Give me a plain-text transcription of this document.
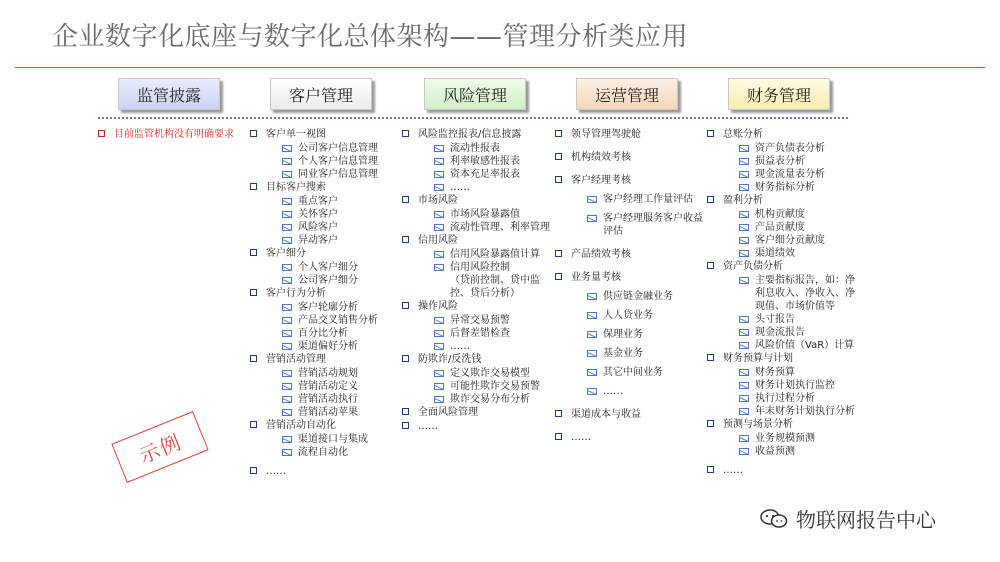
企业数字化底座与数字化总体架构——管理分析类应用
监管披露	客户管理	风险管理	运营管理	财务管理
目前监管机构没有明确要求	客户单一视图
公司客户信息管理
个人客户信息管理
同业客户信息管理
目标客户搜索
重点客户
关怀客户
风险客户
异动客户
客户细分
个人客户细分
公司客户细分
客户行为分析
客户轮廓分析
产品交叉销售分析
百分比分析
渠道偏好分析
营销活动管理
营销活动规划
营销活动定义
营销活动执行
营销活动苹果
营销活动自动化
渠道接口与集成
流程自动化
……
风险监控报表/信息披露
流动性报表
利率敏感性报表
资本充足率报表
……
市场风险
市场风险暴露值
流动性管理、利率管理
信用风险
信用风险暴露值计算
信用风险控制
（贷前控制、贷中监控、贷后分析）
操作风险
异常交易预警
后督差错检查
……
防欺诈/反洗钱
定义欺诈交易模型
可能性欺诈交易预警
欺诈交易分布分析
全面风险管理
……
领导管理驾驶舱
机构绩效考核
客户经理考核
客户经理工作量评估
客户经理服务客户收益评估
产品绩效考核
业务量考核
供应链金融业务
人人贷业务
保理业务
基金业务
其它中间业务
……
渠道成本与收益
……
总账分析
资产负债表分析
损益表分析
现金流量表分析
财务指标分析
盈利分析
机构贡献度
产品贡献度
客户细分贡献度
渠道绩效
资产负债分析
主要指标报告，如：净利息收入、净收入、净现值、市场价值等
头寸报告
现金流报告
风险价值（VaR）计算
财务预算与计划
财务预算
财务计划执行监控
执行过程分析
年末财务计划执行分析
预测与场景分析
业务规模预测
收益预测
……
示例
物联网报告中心
